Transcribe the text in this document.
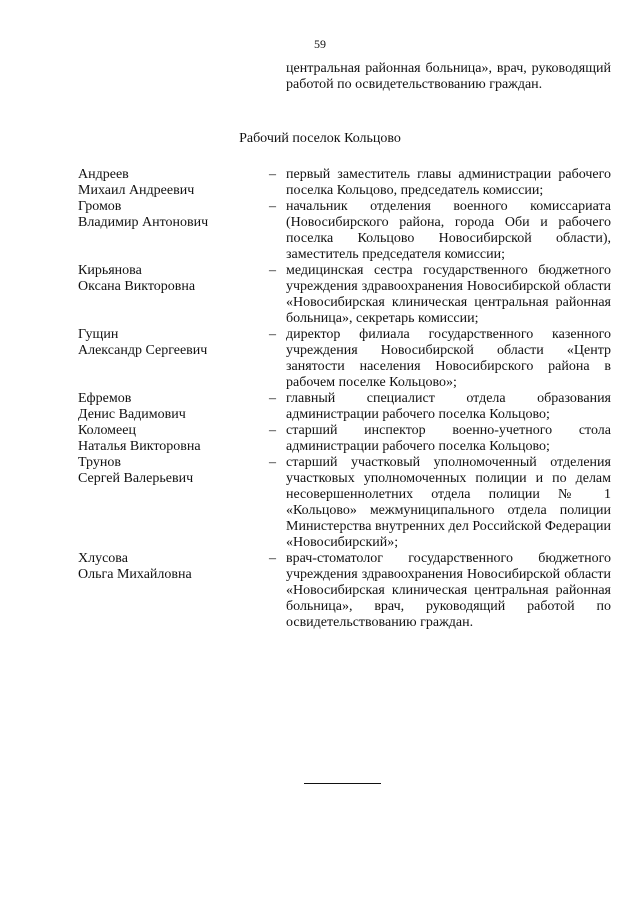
59
центральная районная больница», врач, руководящий работой по освидетельствованию граждан.
Рабочий поселок Кольцово
Андреев
Михаил Андреевич
– первый заместитель главы администрации рабочего поселка Кольцово, председатель комиссии;
Громов
Владимир Антонович
– начальник отделения военного комиссариата (Новосибирского района, города Оби и рабочего поселка Кольцово Новосибирской области), заместитель председателя комиссии;
Кирьянова
Оксана Викторовна
– медицинская сестра государственного бюджетного учреждения здравоохранения Новосибирской области «Новосибирская клиническая центральная районная больница», секретарь комиссии;
Гущин
Александр Сергеевич
– директор филиала государственного казенного учреждения Новосибирской области «Центр занятости населения Новосибирского района в рабочем поселке Кольцово»;
Ефремов
Денис Вадимович
– главный специалист отдела образования администрации рабочего поселка Кольцово;
Коломеец
Наталья Викторовна
– старший инспектор военно-учетного стола администрации рабочего поселка Кольцово;
Трунов
Сергей Валерьевич
– старший участковый уполномоченный отделения участковых уполномоченных полиции и по делам несовершеннолетних отдела полиции № 1 «Кольцово» межмуниципального отдела полиции Министерства внутренних дел Российской Федерации «Новосибирский»;
Хлусова
Ольга Михайловна
– врач-стоматолог государственного бюджетного учреждения здравоохранения Новосибирской области «Новосибирская клиническая центральная районная больница», врач, руководящий работой по освидетельствованию граждан.
